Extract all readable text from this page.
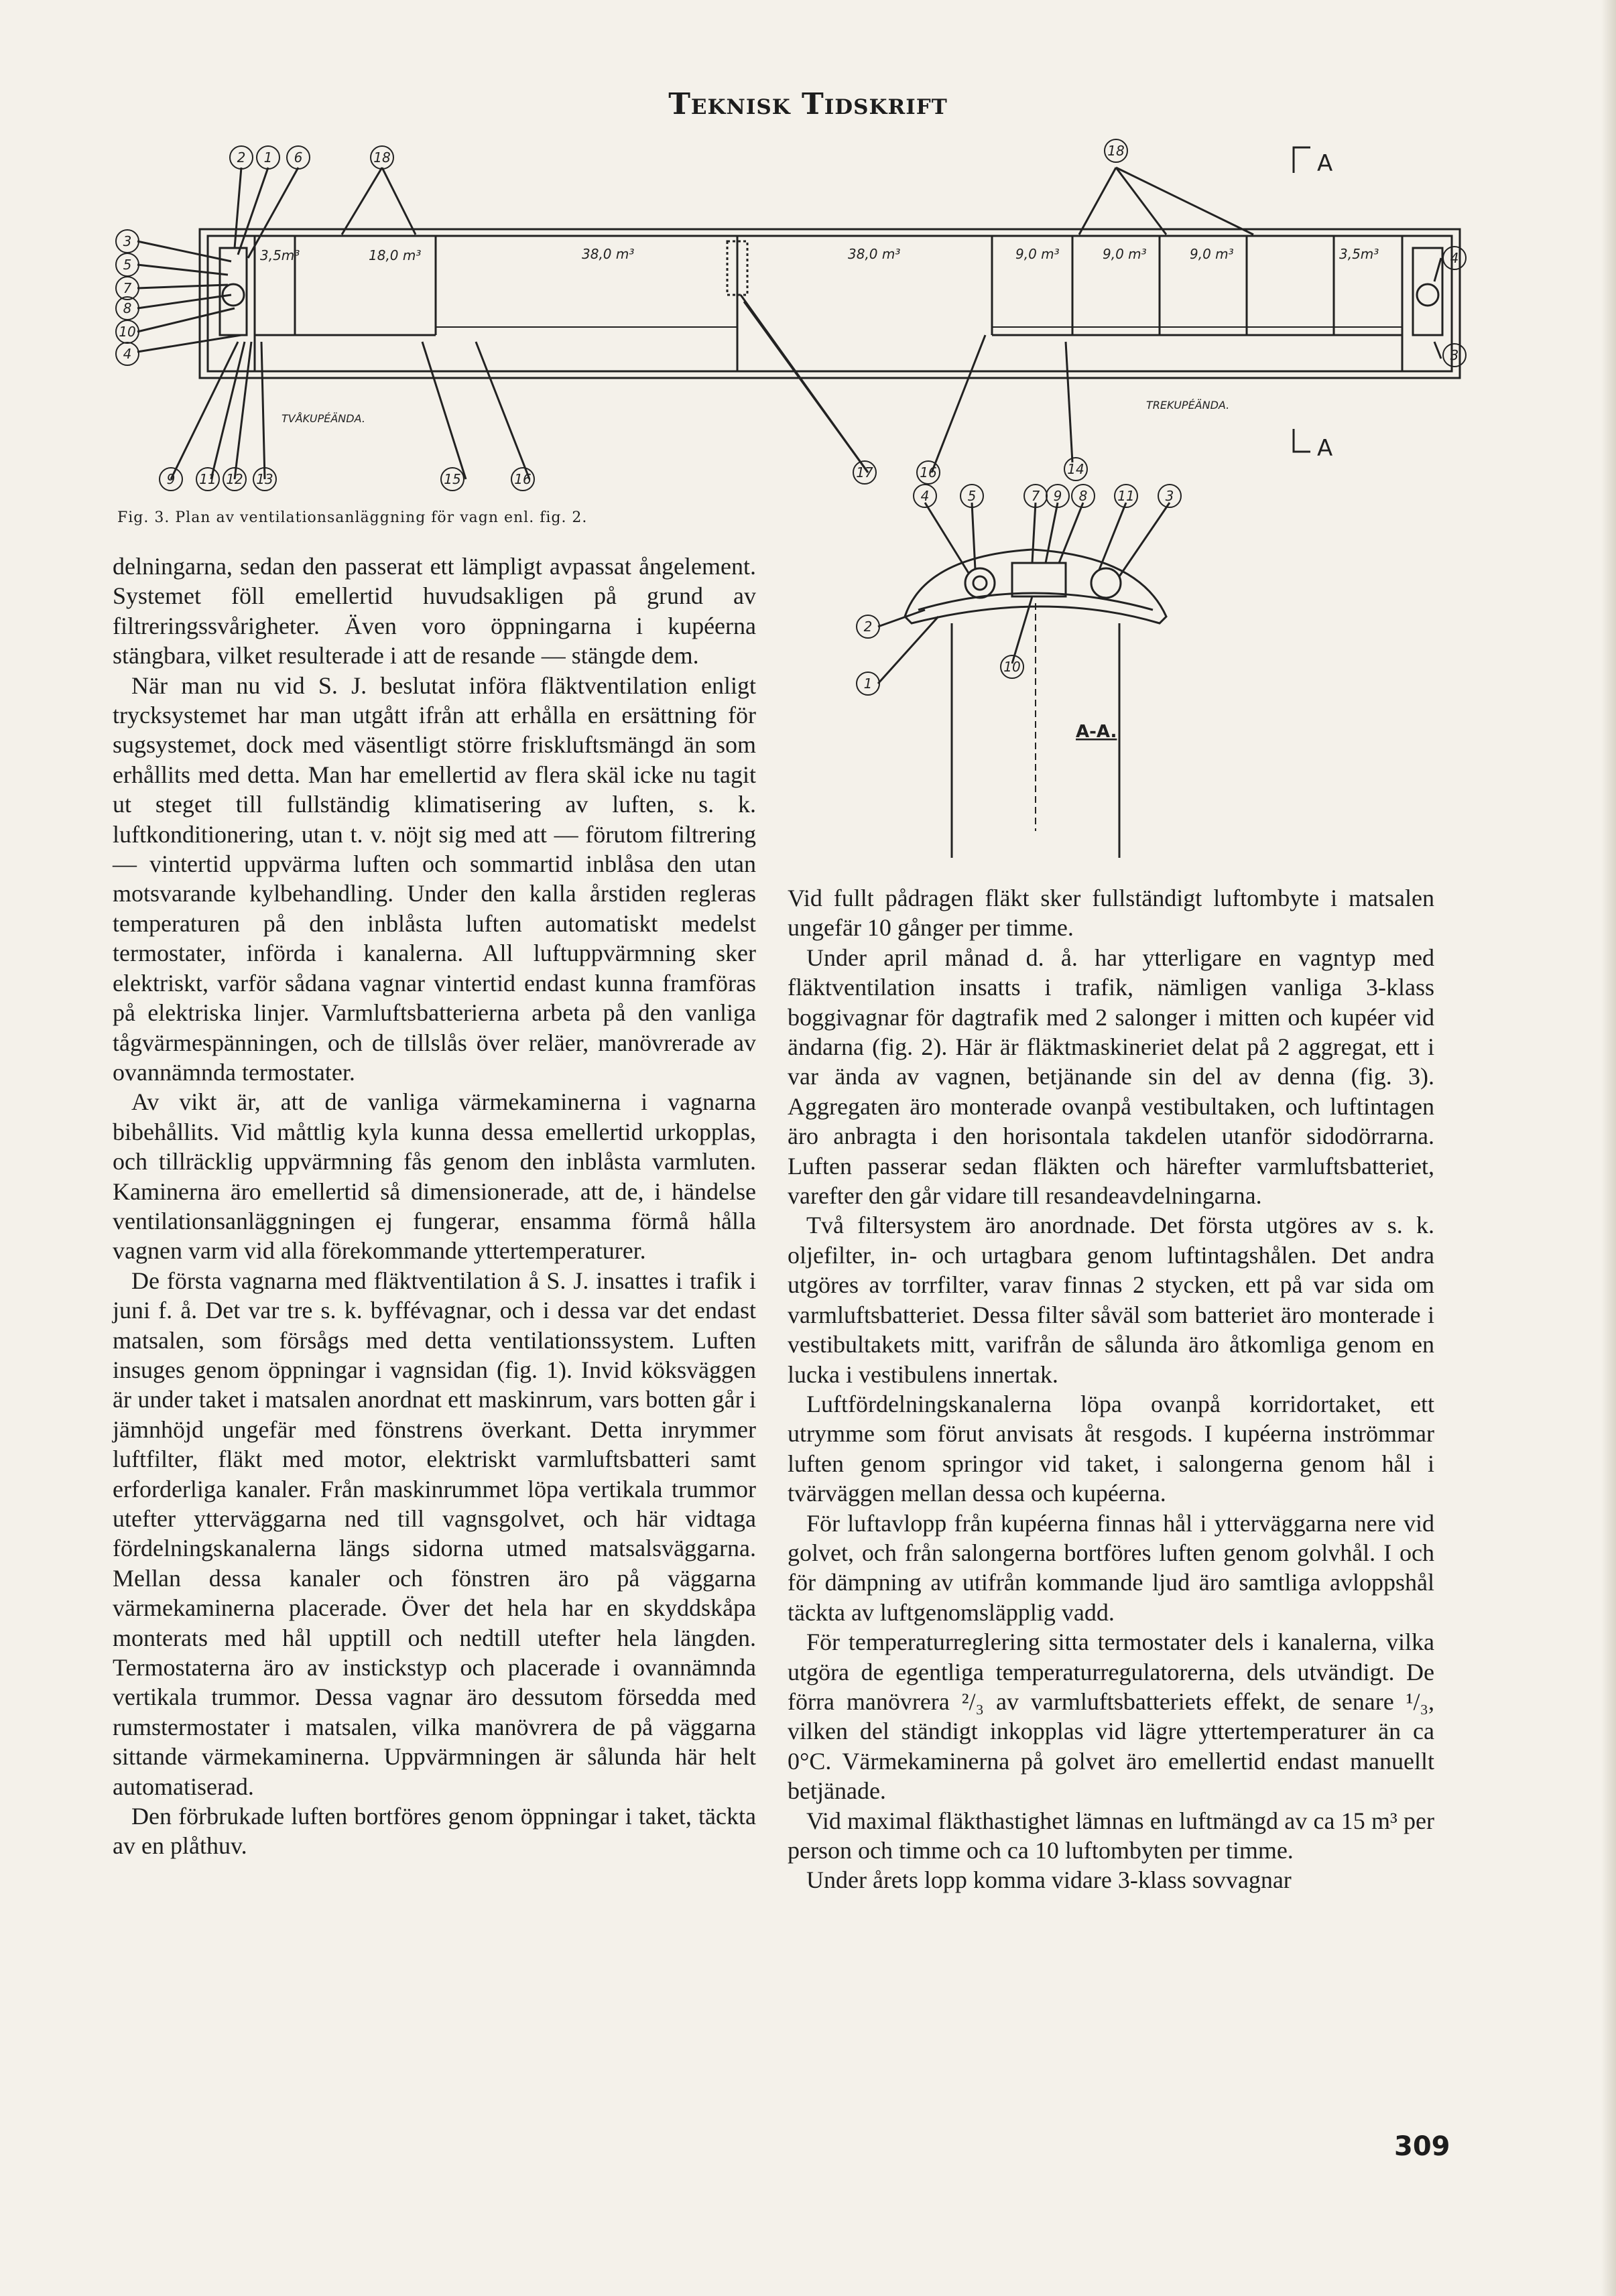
Teknisk Tidskrift
3,5m³	18,0 m³	38,0 m³	38,0 m³	9,0 m³	9,0 m³	9,0 m³	3,5m³
TVÅKUPÉÄNDA.
TREKUPÉÄNDA.
2 1 6	18	18
3
5
7
8
10
4
4
3
9 11 12 13	15	16	17	16	14
A
A
Fig. 3. Plan av ventilationsanläggning för vagn enl. fig. 2.
4	5	7 9 8 11 3
2
1
10
A-A.

delningarna, sedan den passerat ett lämpligt avpassat ångelement. Systemet föll emellertid huvudsakligen på grund av filtreringssvårigheter. Även voro öppningarna i kupéerna stängbara, vilket resulterade i att de resande — stängde dem.

När man nu vid S. J. beslutat införa fläktventilation enligt trycksystemet har man utgått ifrån att erhålla en ersättning för sugsystemet, dock med väsentligt större friskluftsmängd än som erhållits med detta. Man har emellertid av flera skäl icke nu tagit ut steget till fullständig klimatisering av luften, s. k. luftkonditionering, utan t. v. nöjt sig med att — förutom filtrering — vintertid uppvärma luften och sommartid inblåsa den utan motsvarande kylbehandling. Under den kalla årstiden regleras temperaturen på den inblåsta luften automatiskt medelst termostater, införda i kanalerna. All luftuppvärmning sker elektriskt, varför sådana vagnar vintertid endast kunna framföras på elektriska linjer. Varmluftsbatterierna arbeta på den vanliga tågvärmespänningen, och de tillslås över reläer, manövrerade av ovannämnda termostater.

Av vikt är, att de vanliga värmekaminerna i vagnarna bibehållits. Vid måttlig kyla kunna dessa emellertid urkopplas, och tillräcklig uppvärmning fås genom den inblåsta varmluten. Kaminerna äro emellertid så dimensionerade, att de, i händelse ventilationsanläggningen ej fungerar, ensamma förmå hålla vagnen varm vid alla förekommande yttertemperaturer.

De första vagnarna med fläktventilation å S. J. insattes i trafik i juni f. å. Det var tre s. k. byffévagnar, och i dessa var det endast matsalen, som försågs med detta ventilationssystem. Luften insuges genom öppningar i vagnsidan (fig. 1). Invid köksväggen är under taket i matsalen anordnat ett maskinrum, vars botten går i jämnhöjd ungefär med fönstrens överkant. Detta inrymmer luftfilter, fläkt med motor, elektriskt varmluftsbatteri samt erforderliga kanaler. Från maskinrummet löpa vertikala trummor utefter ytterväggarna ned till vagnsgolvet, och här vidtaga fördelningskanalerna längs sidorna utmed matsalsväggarna. Mellan dessa kanaler och fönstren äro på väggarna värmekaminerna placerade. Över det hela har en skyddskåpa monterats med hål upptill och nedtill utefter hela längden. Termostaterna äro av instickstyp och placerade i ovannämnda vertikala trummor. Dessa vagnar äro dessutom försedda med rumstermostater i matsalen, vilka manövrera de på väggarna sittande värmekaminerna. Uppvärmningen är sålunda här helt automatiserad.

Den förbrukade luften bortföres genom öppningar i taket, täckta av en plåthuv.

Vid fullt pådragen fläkt sker fullständigt luftombyte i matsalen ungefär 10 gånger per timme.

Under april månad d. å. har ytterligare en vagntyp med fläktventilation insatts i trafik, nämligen vanliga 3-klass boggivagnar för dagtrafik med 2 salonger i mitten och kupéer vid ändarna (fig. 2). Här är fläktmaskineriet delat på 2 aggregat, ett i var ända av vagnen, betjänande sin del av denna (fig. 3). Aggregaten äro monterade ovanpå vestibultaken, och luftintagen äro anbragta i den horisontala takdelen utanför sidodörrarna. Luften passerar sedan fläkten och härefter varmluftsbatteriet, varefter den går vidare till resandeavdelningarna.

Två filtersystem äro anordnade. Det första utgöres av s. k. oljefilter, in- och urtagbara genom luftintagshålen. Det andra utgöres av torrfilter, varav finnas 2 stycken, ett på var sida om varmluftsbatteriet. Dessa filter såväl som batteriet äro monterade i vestibultakets mitt, varifrån de sålunda äro åtkomliga genom en lucka i vestibulens innertak.

Luftfördelningskanalerna löpa ovanpå korridortaket, ett utrymme som förut anvisats åt resgods. I kupéerna inströmmar luften genom springor vid taket, i salongerna genom hål i tvärväggen mellan dessa och kupéerna.

För luftavlopp från kupéerna finnas hål i ytterväggarna nere vid golvet, och från salongerna bortföres luften genom golvhål. I och för dämpning av utifrån kommande ljud äro samtliga avloppshål täckta av luftgenomsläpplig vadd.

För temperaturreglering sitta termostater dels i kanalerna, vilka utgöra de egentliga temperaturregulatorerna, dels utvändigt. De förra manövrera ²/₃ av varmluftsbatteriets effekt, de senare ¹/₃, vilken del ständigt inkopplas vid lägre yttertemperaturer än ca 0°C. Värmekaminerna på golvet äro emellertid endast manuellt betjänade.

Vid maximal fläkthastighet lämnas en luftmängd av ca 15 m³ per person och timme och ca 10 luftombyten per timme.

Under årets lopp komma vidare 3-klass sovvagnar

309
